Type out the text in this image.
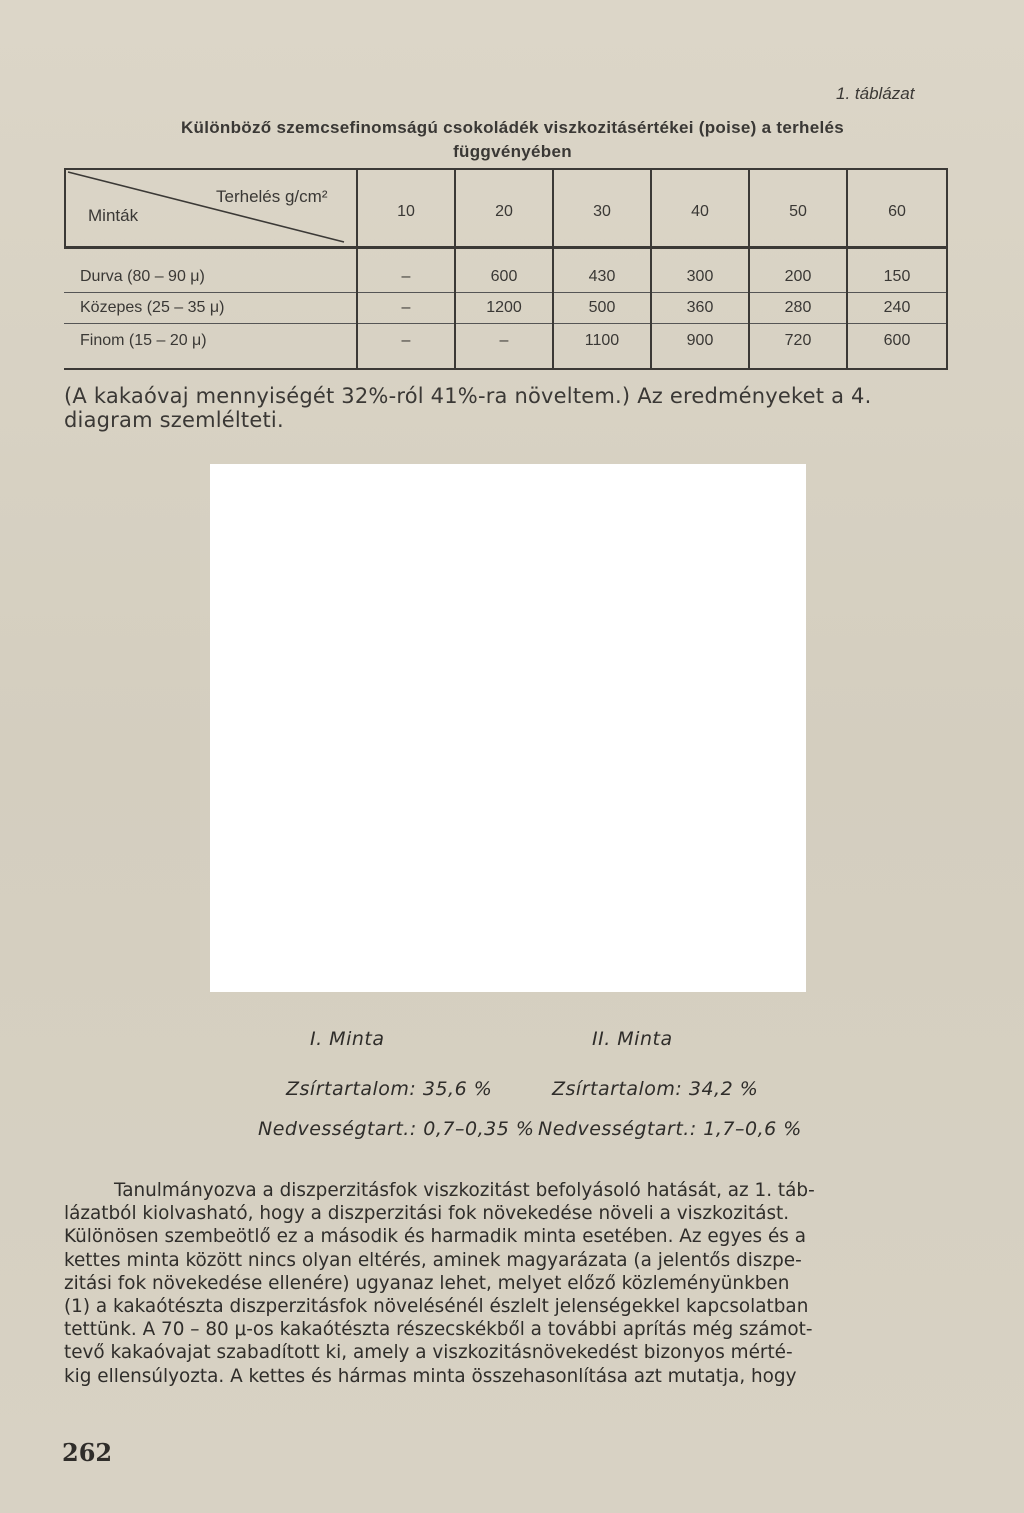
1. táblázat
Különböző szemcsefinomságú csokoládék viszkozitásértékei (poise) a terhelés
függvényében
Terhelés g/cm²
Minták	10	20	30	40	50	60
Durva (80 – 90 μ)	–	600	430	300	200	150
Közepes (25 – 35 μ)	–	1200	500	360	280	240
Finom (15 – 20 μ)	–	–	1100	900	720	600
(A kakaóvaj mennyiségét 32%-ról 41%-ra növeltem.) Az eredményeket a 4. diagram szemlélteti.
I. Minta	II. Minta
Zsírtartalom: 35,6 %	Zsírtartalom: 34,2 %
Nedvességtart.: 0,7–0,35 % Nedvességtart.: 1,7–0,6 %
Tanulmányozva a diszperzitásfok viszkozitást befolyásoló hatását, az 1. táb-
lázatból kiolvasható, hogy a diszperzitási fok növekedése növeli a viszkozitást.
Különösen szembeötlő ez a második és harmadik minta esetében. Az egyes és a
kettes minta között nincs olyan eltérés, aminek magyarázata (a jelentős diszpe-
zitási fok növekedése ellenére) ugyanaz lehet, melyet előző közleményünkben
(1) a kakaótészta diszperzitásfok növelésénél észlelt jelenségekkel kapcsolatban
tettünk. A 70 – 80 μ-os kakaótészta részecskékből a további aprítás még számot-
tevő kakaóvajat szabadított ki, amely a viszkozitásnövekedést bizonyos mérté-
kig ellensúlyozta. A kettes és hármas minta összehasonlítása azt mutatja, hogy
262
